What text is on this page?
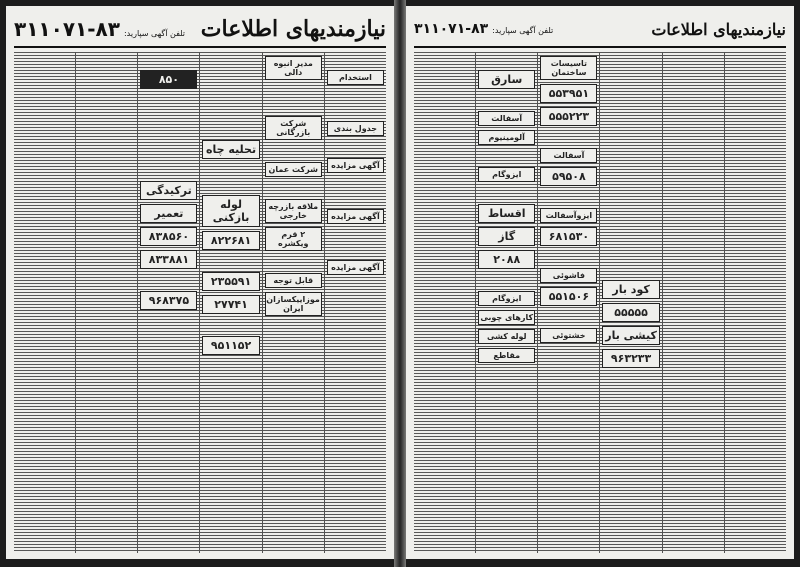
نیازمندیهای اطلاعات
تلفن آگهی سپارید:
۳۱۱۰۷۱-۸۳
استخدام
جدول بندی
آگهی مزایده
آگهی مزایده
آگهی مزایده
مدیر انبوه دالی
شرکت بازرگانی
شرکت عمان
ملاقه بازرچه خارجی
۲ قرم ویکشره
قابل توجه
موزاییکسازان ایران
تحلیه چاه
لوله بازکنی
۸۲۲۶۸۱
۲۳۵۵۹۱
۲۷۷۴۱
۹۵۱۱۵۲
۸۵۰
ترکیدگی
تعمیر
۸۳۸۵۶۰
۸۳۳۸۸۱
۹۶۸۳۷۵
نیازمندیهای اطلاعات
تلفن آگهی سپارید:
۳۱۱۰۷۱-۸۳
کود بار
۵۵۵۵۵
کیشی بار
۹۶۳۲۳۳
تاسیسات ساختمان
۵۵۳۹۵۱
۵۵۵۲۲۳
آسفالت
۵۹۵۰۸
ایزوآسفالت
۶۸۱۵۳۰
فاشوئی
۵۵۱۵۰۶
خشتوئی
سارق
آسفالت
آلومینیوم
ایزوگام
اقساط
گاز
۲۰۸۸
ایزوگام
کارهای چوبی
لوله کشی
مقاطع
